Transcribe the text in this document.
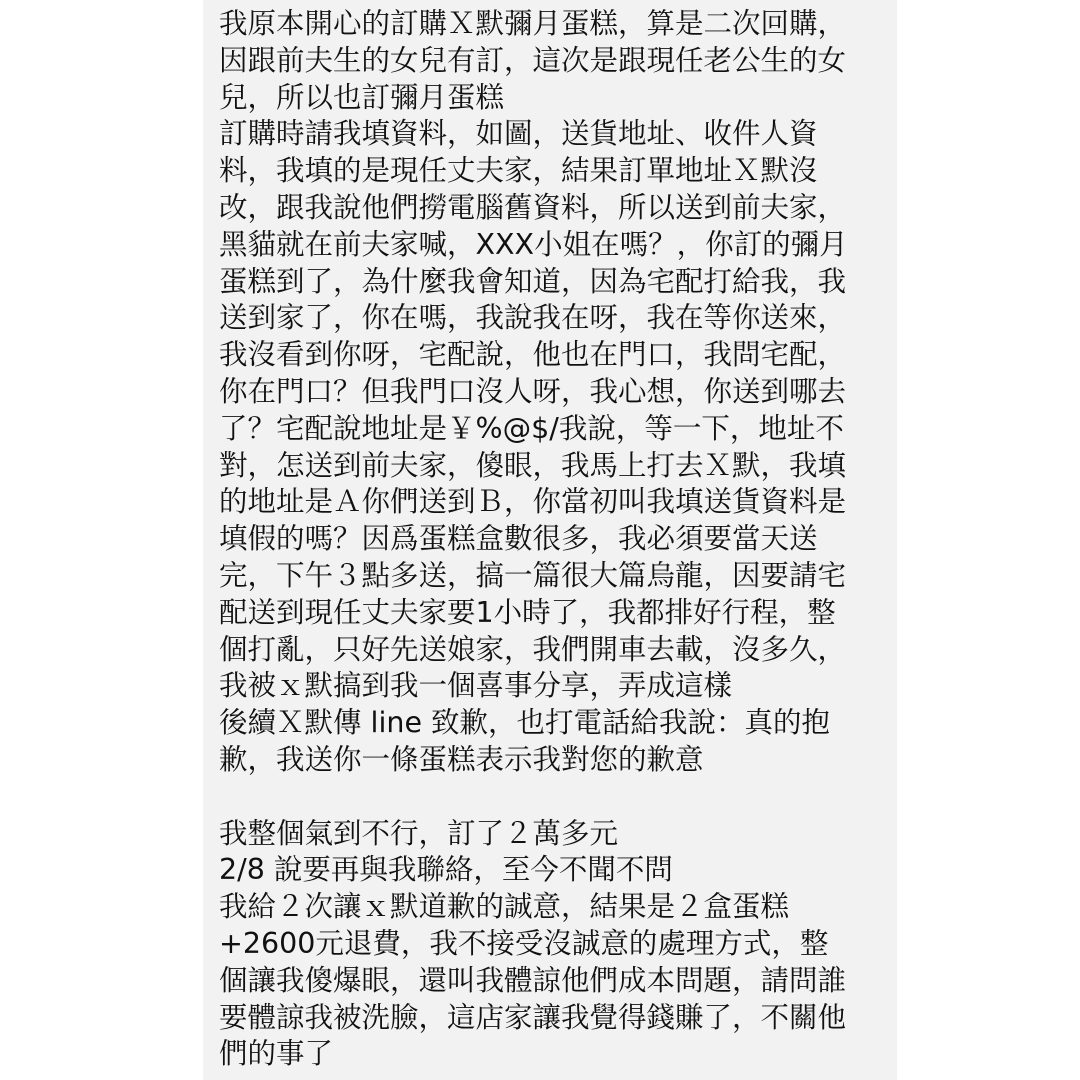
我原本開心的訂購Ｘ默彌月蛋糕，算是二次回購，
因跟前夫生的女兒有訂，這次是跟現任老公生的女
兒，所以也訂彌月蛋糕
訂購時請我填資料，如圖，送貨地址、收件人資
料，我填的是現任丈夫家，結果訂單地址Ｘ默沒
改，跟我說他們撈電腦舊資料，所以送到前夫家，
黑貓就在前夫家喊，XXX小姐在嗎？，你訂的彌月
蛋糕到了，為什麼我會知道，因為宅配打給我，我
送到家了，你在嗎，我說我在呀，我在等你送來，
我沒看到你呀，宅配說，他也在門口，我問宅配，
你在門口？但我門口沒人呀，我心想，你送到哪去
了？宅配說地址是￥%@$/我說，等一下，地址不
對，怎送到前夫家，傻眼，我馬上打去Ｘ默，我填
的地址是Ａ你們送到Ｂ，你當初叫我填送貨資料是
填假的嗎？因爲蛋糕盒數很多，我必須要當天送
完，下午３點多送，搞一篇很大篇烏龍，因要請宅
配送到現任丈夫家要1小時了，我都排好行程，整
個打亂，只好先送娘家，我們開車去載，沒多久，
我被ｘ默搞到我一個喜事分享，弄成這樣
後續Ｘ默傳 line 致歉，也打電話給我說：真的抱
歉，我送你一條蛋糕表示我對您的歉意
我整個氣到不行，訂了２萬多元
2/8 說要再與我聯絡，至今不聞不問
我給２次讓ｘ默道歉的誠意，結果是２盒蛋糕
+2600元退費，我不接受沒誠意的處理方式，整
個讓我傻爆眼，還叫我體諒他們成本問題，請問誰
要體諒我被洗臉，這店家讓我覺得錢賺了，不關他
們的事了
